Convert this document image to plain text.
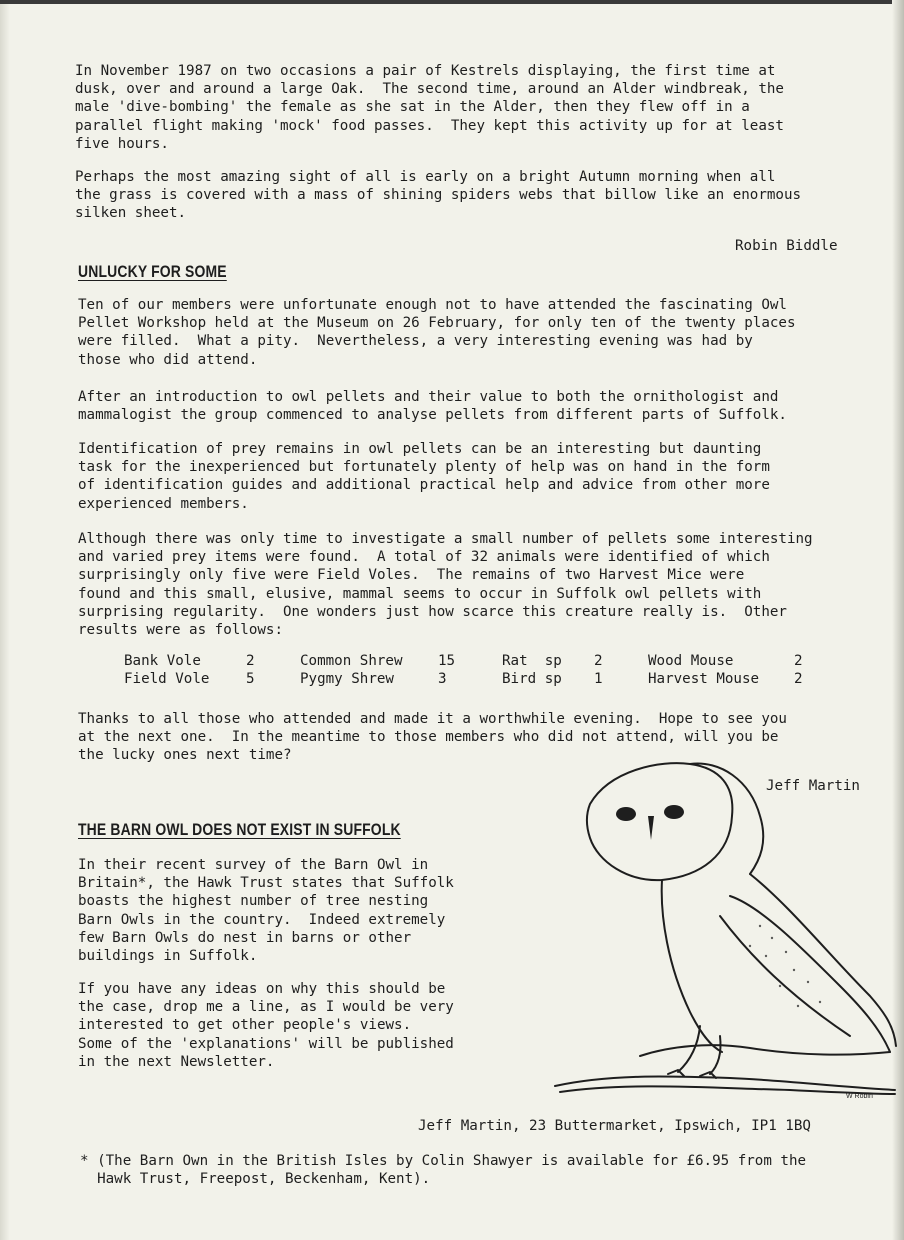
In November 1987 on two occasions a pair of Kestrels displaying, the first time at
dusk, over and around a large Oak.  The second time, around an Alder windbreak, the
male 'dive-bombing' the female as she sat in the Alder, then they flew off in a
parallel flight making 'mock' food passes.  They kept this activity up for at least
five hours.

Perhaps the most amazing sight of all is early on a bright Autumn morning when all
the grass is covered with a mass of shining spiders webs that billow like an enormous
silken sheet.

Robin Biddle
UNLUCKY FOR SOME

Ten of our members were unfortunate enough not to have attended the fascinating Owl
Pellet Workshop held at the Museum on 26 February, for only ten of the twenty places
were filled.  What a pity.  Nevertheless, a very interesting evening was had by
those who did attend.

After an introduction to owl pellets and their value to both the ornithologist and
mammalogist the group commenced to analyse pellets from different parts of Suffolk.

Identification of prey remains in owl pellets can be an interesting but daunting
task for the inexperienced but fortunately plenty of help was on hand in the form
of identification guides and additional practical help and advice from other more
experienced members.

Although there was only time to investigate a small number of pellets some interesting
and varied prey items were found.  A total of 32 animals were identified of which
surprisingly only five were Field Voles.  The remains of two Harvest Mice were
found and this small, elusive, mammal seems to occur in Suffolk owl pellets with
surprising regularity.  One wonders just how scarce this creature really is.  Other
results were as follows:

Bank Vole	2	Common Shrew	15	Rat  sp	2	Wood Mouse	2
Field Vole	5	Pygmy Shrew	3	Bird sp	1	Harvest Mouse	2

Thanks to all those who attended and made it a worthwhile evening.  Hope to see you
at the next one.  In the meantime to those members who did not attend, will you be
the lucky ones next time?

Jeff Martin
THE BARN OWL DOES NOT EXIST IN SUFFOLK

In their recent survey of the Barn Owl in
Britain*, the Hawk Trust states that Suffolk
boasts the highest number of tree nesting
Barn Owls in the country.  Indeed extremely
few Barn Owls do nest in barns or other
buildings in Suffolk.

If you have any ideas on why this should be
the case, drop me a line, as I would be very
interested to get other people's views.
Some of the 'explanations' will be published
in the next Newsletter.

W Robin
Jeff Martin, 23 Buttermarket, Ipswich, IP1 1BQ

* (The Barn Own in the British Isles by Colin Shawyer is available for £6.95 from the
Hawk Trust, Freepost, Beckenham, Kent).
